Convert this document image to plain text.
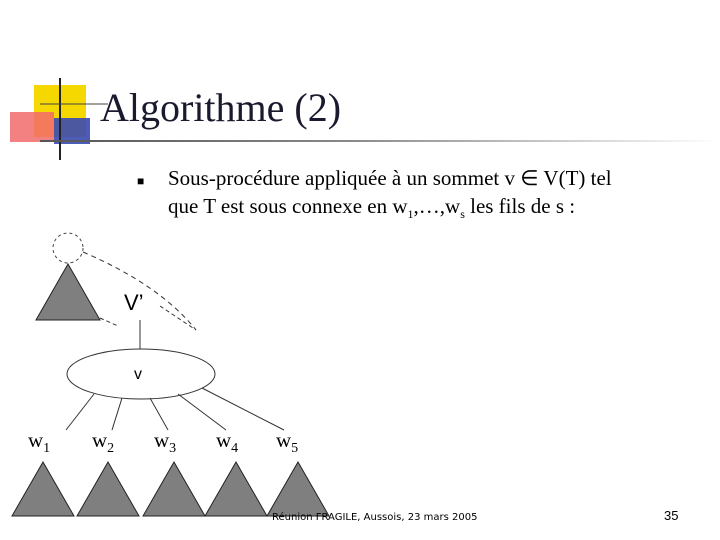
Algorithme (2)
■ Sous-procédure appliquée à un sommet v ∈ V(T) tel
que T est sous connexe en $w_1,\dots,w_s$ les fils de s :
V’
v
$w_1$ $w_2$ $w_3$ $w_4$ $w_5$
Réunion FRAGILE, Aussois, 23 mars 2005	35
